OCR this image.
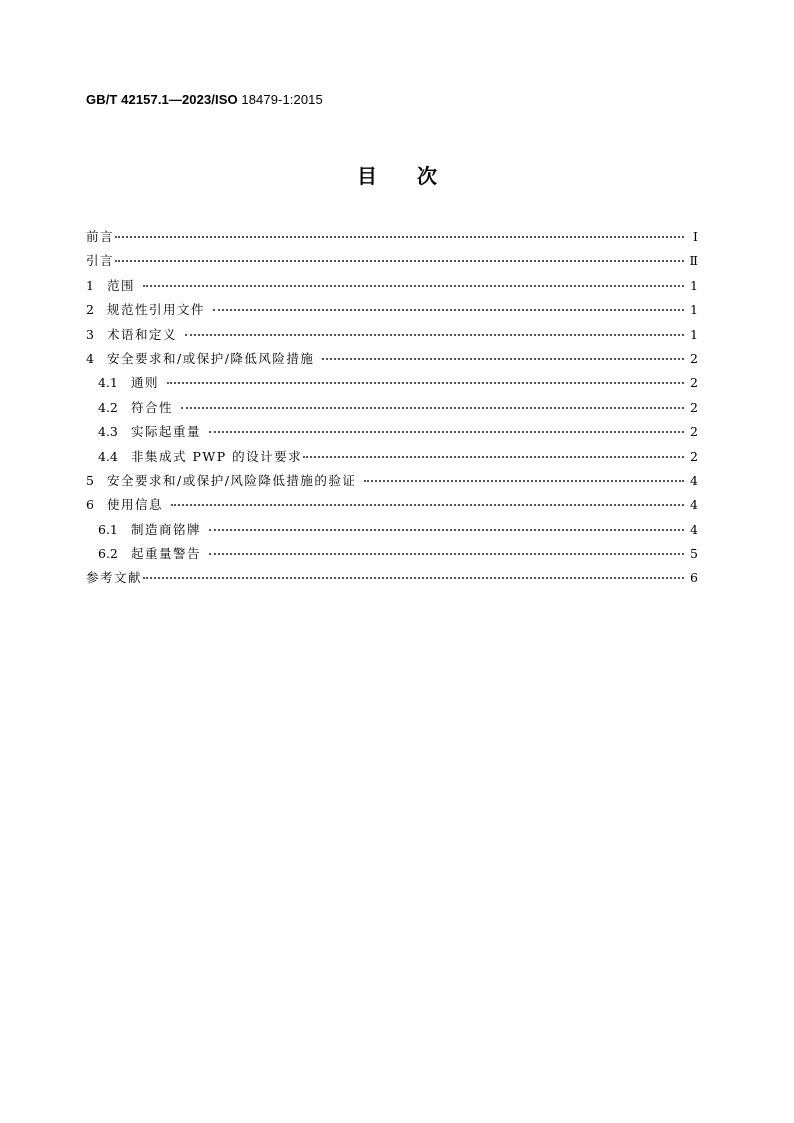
GB/T 42157.1—2023/ISO 18479-1:2015
目次
前言	Ⅰ
引言	Ⅱ
1	范围	1
2	规范性引用文件	1
3	术语和定义	1
4	安全要求和/或保护/降低风险措施	2
4.1	通则	2
4.2	符合性	2
4.3	实际起重量	2
4.4	非集成式 PWP 的设计要求	2
5	安全要求和/或保护/风险降低措施的验证	4
6	使用信息	4
6.1	制造商铭牌	4
6.2	起重量警告	5
参考文献	6
